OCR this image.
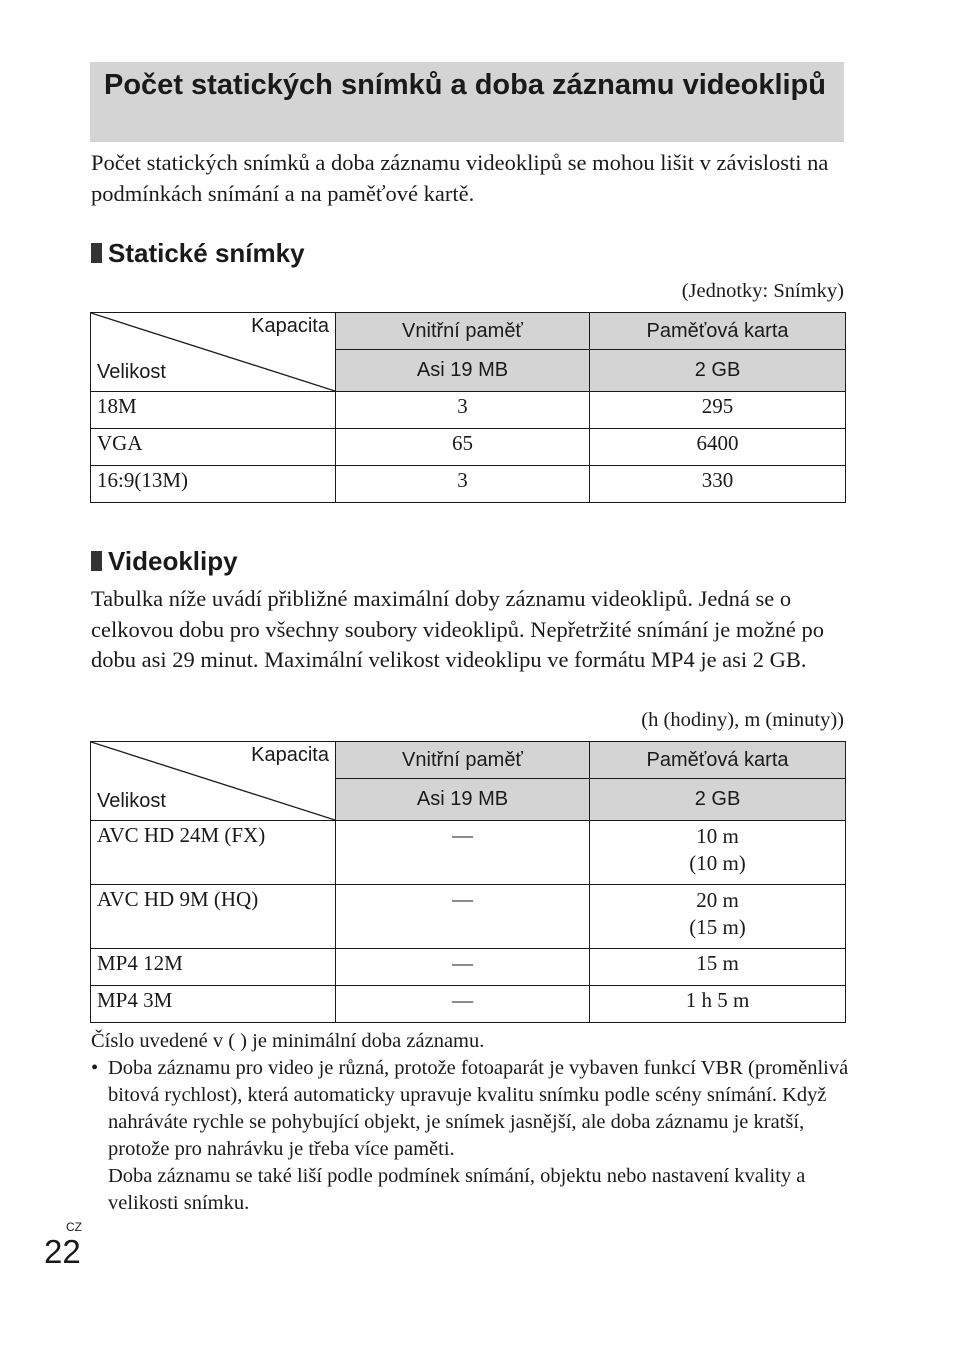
Počet statických snímků a doba záznamu videoklipů

Počet statických snímků a doba záznamu videoklipů se mohou lišit v závislosti na podmínkách snímání a na paměťové kartě.

Statické snímky

(Jednotky: Snímky)

Kapacita
Velikost	Vnitřní paměť	Paměťová karta
	Asi 19 MB	2 GB
18M	3	295
VGA	65	6400
16:9(13M)	3	330
Videoklipy

Tabulka níže uvádí přibližné maximální doby záznamu videoklipů. Jedná se o celkovou dobu pro všechny soubory videoklipů. Nepřetržité snímání je možné po dobu asi 29 minut. Maximální velikost videoklipu ve formátu MP4 je asi 2 GB.

(h (hodiny), m (minuty))

Kapacita
Velikost	Vnitřní paměť	Paměťová karta
	Asi 19 MB	2 GB
AVC HD 24M (FX)	—	10 m
(10 m)

AVC HD 9M (HQ)	—	20 m
(15 m)

MP4 12M	—	15 m
MP4 3M	—	1 h 5 m

Číslo uvedené v ( ) je minimální doba záznamu.

• Doba záznamu pro video je různá, protože fotoaparát je vybaven funkcí VBR (proměnlivá bitová rychlost), která automaticky upravuje kvalitu snímku podle scény snímání. Když nahráváte rychle se pohybující objekt, je snímek jasnější, ale doba záznamu je kratší, protože pro nahrávku je třeba více paměti.

Doba záznamu se také liší podle podmínek snímání, objektu nebo nastavení kvality a velikosti snímku.

CZ
22
